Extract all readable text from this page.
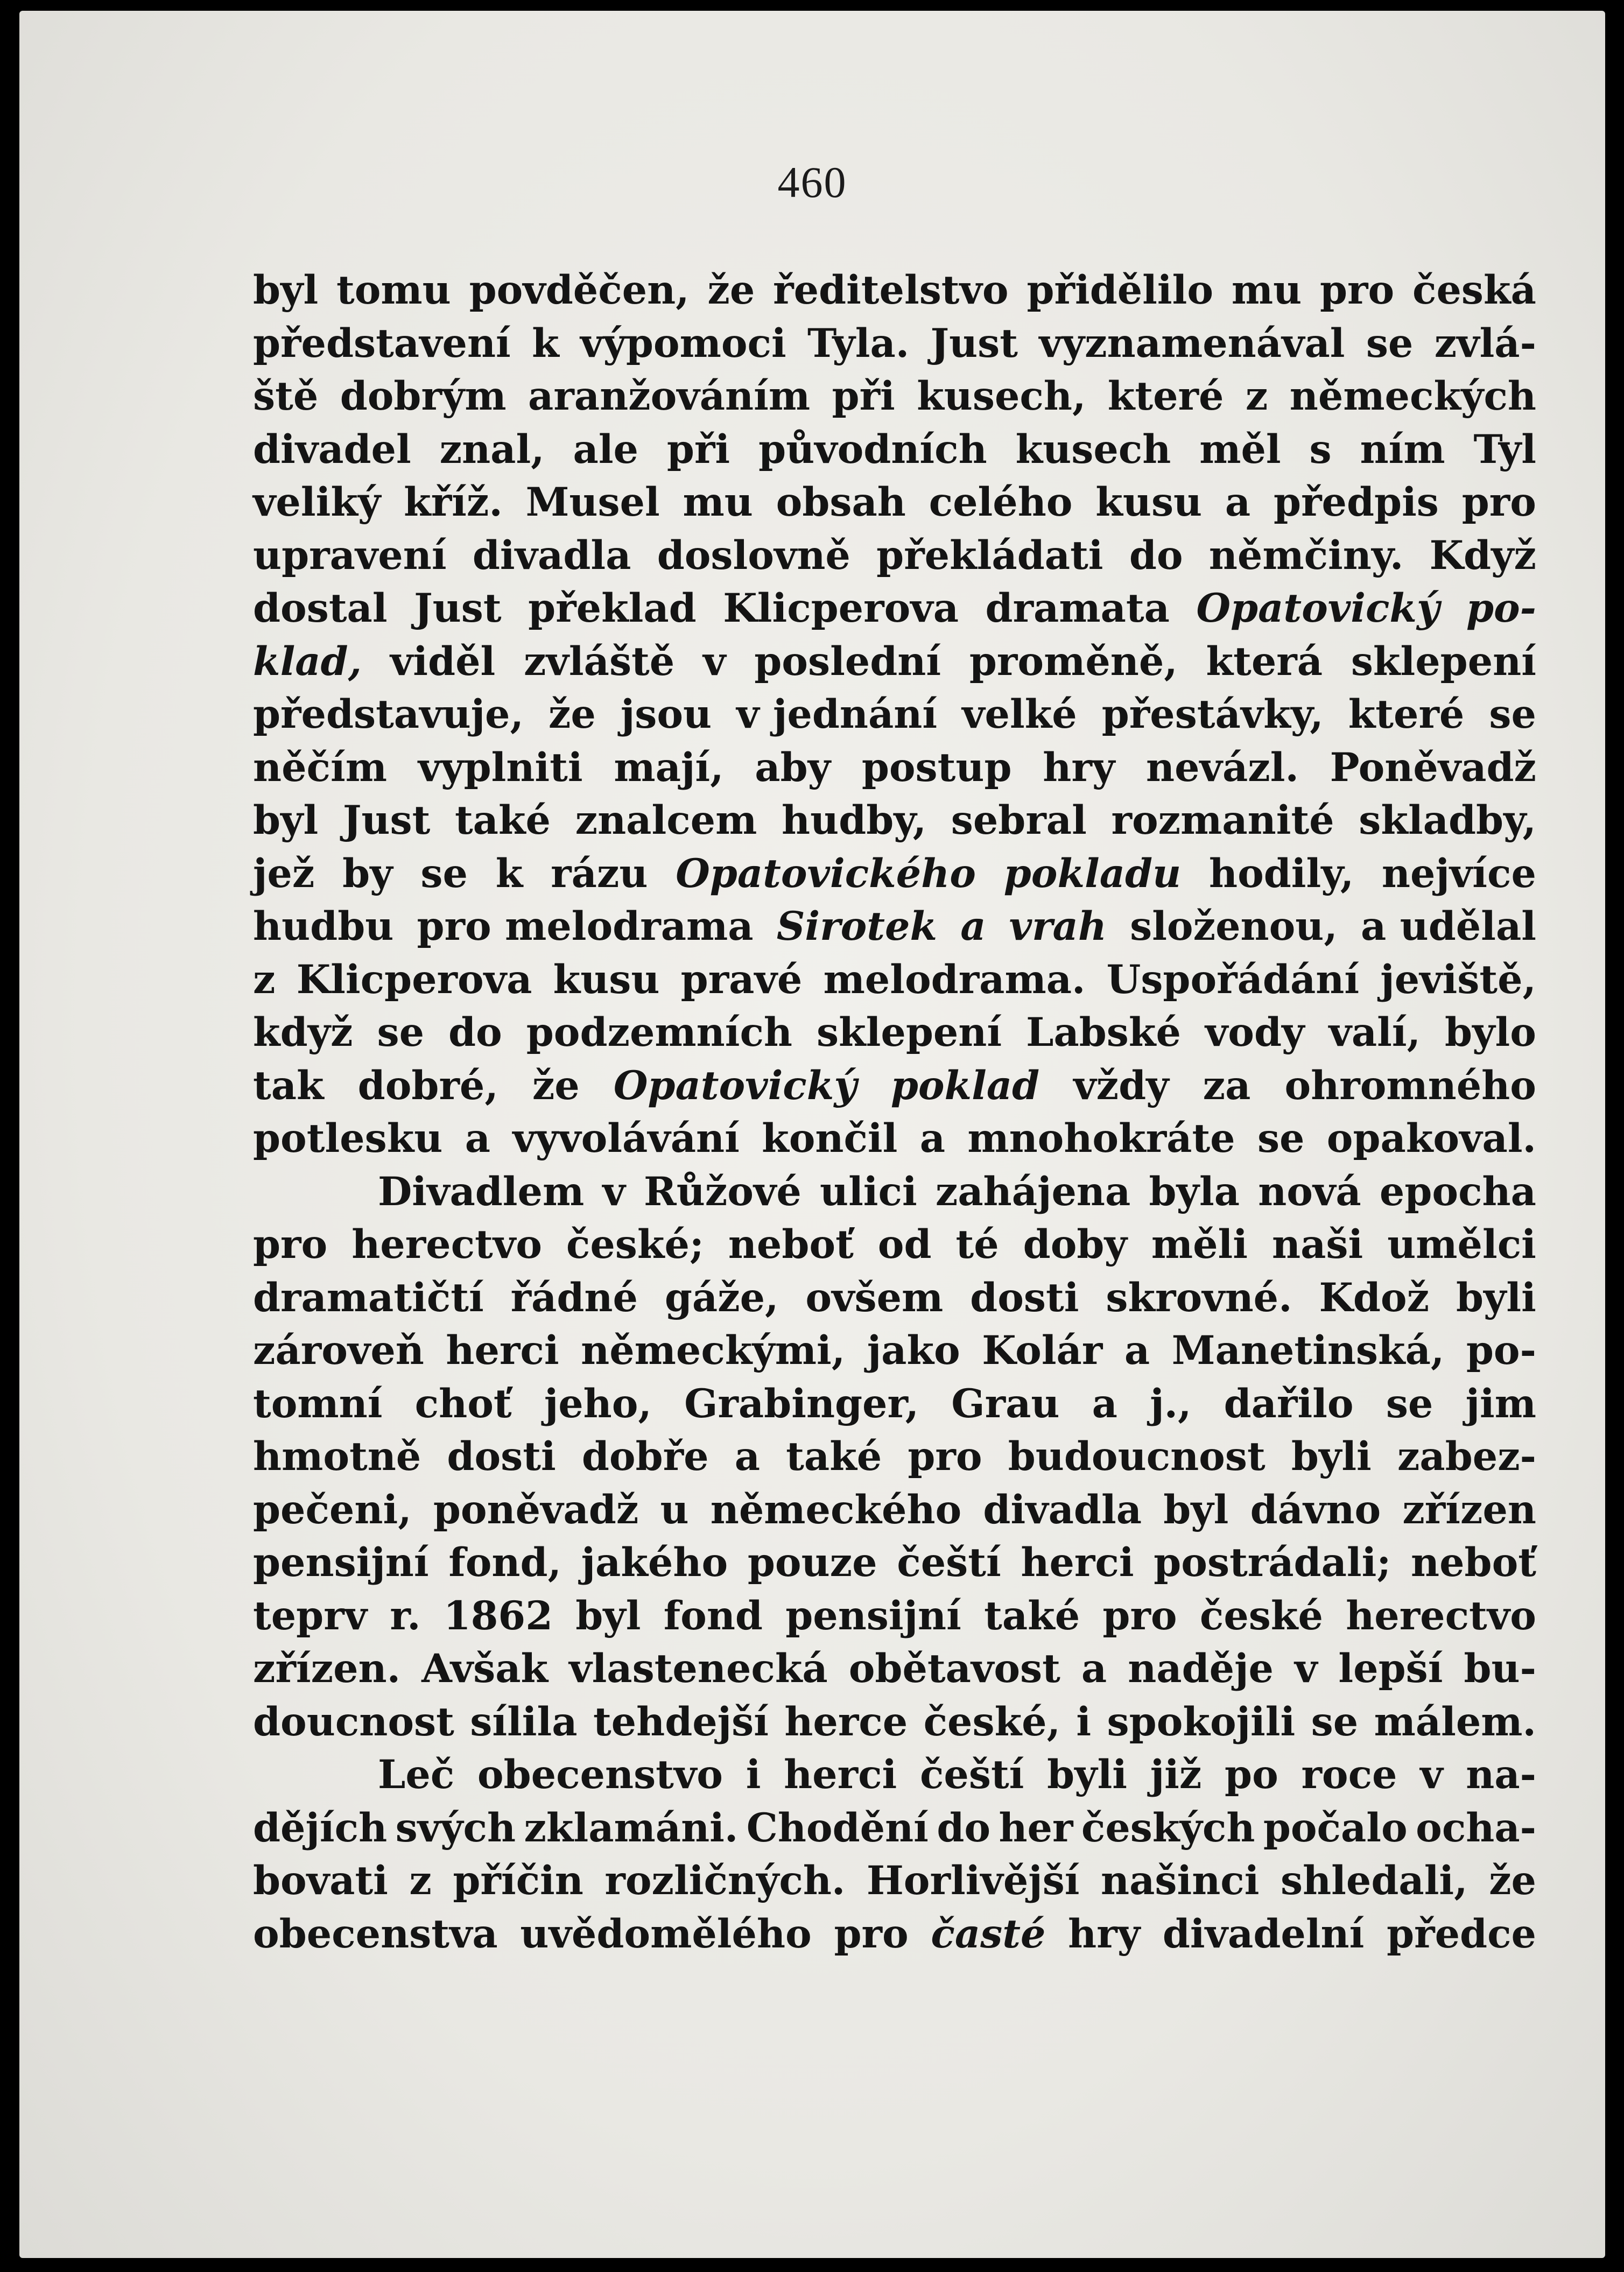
460
byl tomu povděčen, že ředitelstvo přidělilo mu pro česká
představení k výpomoci Tyla. Just vyznamenával se zvlá-
ště dobrým aranžováním při kusech, které z německých
divadel znal, ale při původních kusech měl s ním Tyl
veliký kříž. Musel mu obsah celého kusu a předpis pro
upravení divadla doslovně překládati do němčiny. Když
dostal Just překlad Klicperova dramata Opatovický po-
klad, viděl zvláště v poslední proměně, která sklepení
představuje, že jsou v jednání velké přestávky, které se
něčím vyplniti mají, aby postup hry nevázl. Poněvadž
byl Just také znalcem hudby, sebral rozmanité skladby,
jež by se k rázu Opatovického pokladu hodily, nejvíce
hudbu pro melodrama Sirotek a vrah složenou, a udělal
z Klicperova kusu pravé melodrama. Uspořádání jeviště,
když se do podzemních sklepení Labské vody valí, bylo
tak dobré, že Opatovický poklad vždy za ohromného
potlesku a vyvolávání končil a mnohokráte se opakoval.
Divadlem v Růžové ulici zahájena byla nová epocha
pro herectvo české; neboť od té doby měli naši umělci
dramatičtí řádné gáže, ovšem dosti skrovné. Kdož byli
zároveň herci německými, jako Kolár a Manetinská, po-
tomní choť jeho, Grabinger, Grau a j., dařilo se jim
hmotně dosti dobře a také pro budoucnost byli zabez-
pečeni, poněvadž u německého divadla byl dávno zřízen
pensijní fond, jakého pouze čeští herci postrádali; neboť
teprv r. 1862 byl fond pensijní také pro české herectvo
zřízen. Avšak vlastenecká obětavost a naděje v lepší bu-
doucnost sílila tehdejší herce české, i spokojili se málem.
Leč obecenstvo i herci čeští byli již po roce v na-
dějích svých zklamáni. Chodění do her českých počalo ocha-
bovati z příčin rozličných. Horlivější našinci shledali, že
obecenstva uvědomělého pro časté hry divadelní předce
